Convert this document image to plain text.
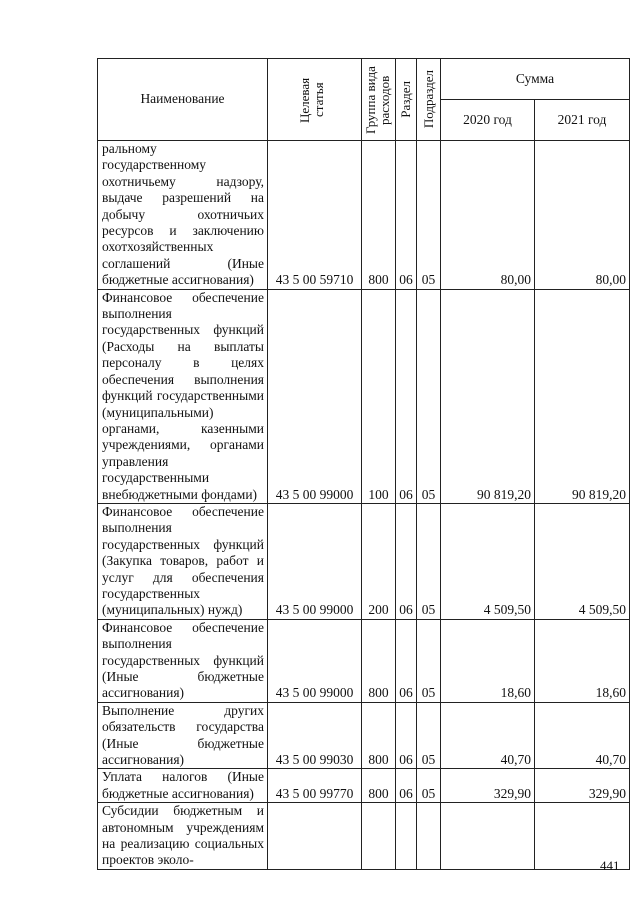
Наименование	Целевая статья	Группа вида расходов	Раздел	Подраздел	Сумма	
					2020 год	2021 год
ральному государственному охотничьему надзору, выдаче разрешений на добычу охотничьих ресурсов и заключению охотхозяйственных соглашений (Иные бюджетные ассигнования)	43 5 00 59710	800	06	05	80,00	80,00
Финансовое обеспечение выполнения государственных функций (Расходы на выплаты персоналу в целях обеспечения выполнения функций государственными (муниципальными) органами, казенными учреждениями, органами управления государственными внебюджетными фондами)	43 5 00 99000	100	06	05	90 819,20	90 819,20
Финансовое обеспечение выполнения государственных функций (Закупка товаров, работ и услуг для обеспечения государственных (муниципальных) нужд)	43 5 00 99000	200	06	05	4 509,50	4 509,50
Финансовое обеспечение выполнения государственных функций (Иные бюджетные ассигнования)	43 5 00 99000	800	06	05	18,60	18,60
Выполнение других обязательств государства (Иные бюджетные ассигнования)	43 5 00 99030	800	06	05	40,70	40,70
Уплата налогов (Иные бюджетные ассигнования)	43 5 00 99770	800	06	05	329,90	329,90
Субсидии бюджетным и автономным учреждениям на реализацию социальных проектов эколо-							441
